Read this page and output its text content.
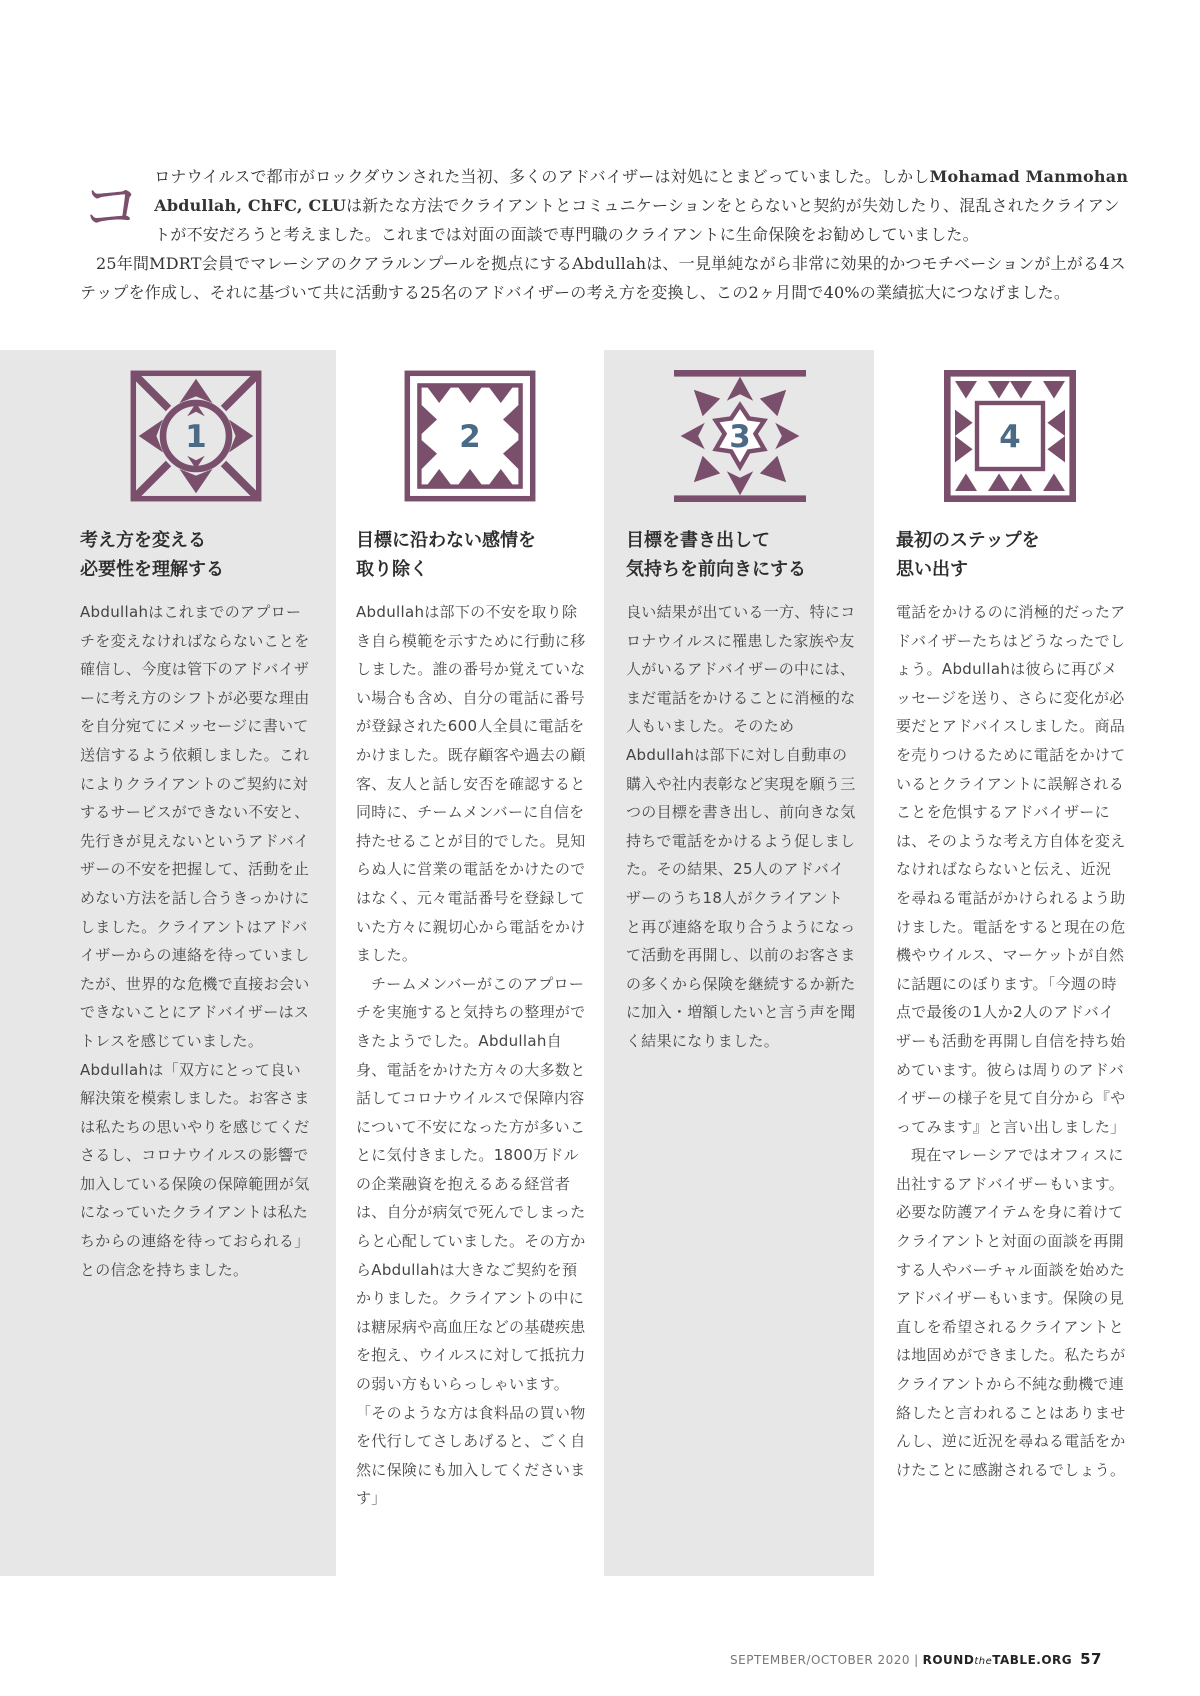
コ ロナウイルスで都市がロックダウンされた当初、多くのアドバイザーは対処にとまどっていました。しかしMohamad Manmohan Abdullah, ChFC, CLUは新たな方法でクライアントとコミュニケーションをとらないと契約が失効したり、混乱されたクライアントが不安だろうと考えました。これまでは対面の面談で専門職のクライアントに生命保険をお勧めしていました。

25年間MDRT会員でマレーシアのクアラルンプールを拠点にするAbdullahは、一見単純ながら非常に効果的かつモチベーションが上がる4ステップを作成し、それに基づいて共に活動する25名のアドバイザーの考え方を変換し、この2ヶ月間で40%の業績拡大につなげました。

1
考え方を変える
必要性を理解する

Abdullahはこれまでのアプローチを変えなければならないことを確信し、今度は管下のアドバイザーに考え方のシフトが必要な理由を自分宛てにメッセージに書いて送信するよう依頼しました。これによりクライアントのご契約に対するサービスができない不安と、先行きが見えないというアドバイザーの不安を把握して、活動を止めない方法を話し合うきっかけにしました。クライアントはアドバイザーからの連絡を待っていましたが、世界的な危機で直接お会いできないことにアドバイザーはストレスを感じていました。Abdullahは「双方にとって良い解決策を模索しました。お客さまは私たちの思いやりを感じてくださるし、コロナウイルスの影響で加入している保険の保障範囲が気になっていたクライアントは私たちからの連絡を待っておられる」との信念を持ちました。

2
目標に沿わない感情を
取り除く

Abdullahは部下の不安を取り除き自ら模範を示すために行動に移しました。誰の番号か覚えていない場合も含め、自分の電話に番号が登録された600人全員に電話をかけました。既存顧客や過去の顧客、友人と話し安否を確認すると同時に、チームメンバーに自信を持たせることが目的でした。見知らぬ人に営業の電話をかけたのではなく、元々電話番号を登録していた方々に親切心から電話をかけました。

チームメンバーがこのアプローチを実施すると気持ちの整理ができたようでした。Abdullah自身、電話をかけた方々の大多数と話してコロナウイルスで保障内容について不安になった方が多いことに気付きました。1800万ドルの企業融資を抱えるある経営者は、自分が病気で死んでしまったらと心配していました。その方からAbdullahは大きなご契約を預かりました。クライアントの中には糖尿病や高血圧などの基礎疾患を抱え、ウイルスに対して抵抗力の弱い方もいらっしゃいます。「そのような方は食料品の買い物を代行してさしあげると、ごく自然に保険にも加入してくださいます」

3
目標を書き出して
気持ちを前向きにする

良い結果が出ている一方、特にコロナウイルスに罹患した家族や友人がいるアドバイザーの中には、まだ電話をかけることに消極的な人もいました。そのためAbdullahは部下に対し自動車の購入や社内表彰など実現を願う三つの目標を書き出し、前向きな気持ちで電話をかけるよう促しました。その結果、25人のアドバイザーのうち18人がクライアントと再び連絡を取り合うようになって活動を再開し、以前のお客さまの多くから保険を継続するか新たに加入・増額したいと言う声を聞く結果になりました。

4
最初のステップを
思い出す

電話をかけるのに消極的だったアドバイザーたちはどうなったでしょう。Abdullahは彼らに再びメッセージを送り、さらに変化が必要だとアドバイスしました。商品を売りつけるために電話をかけているとクライアントに誤解されることを危惧するアドバイザーには、そのような考え方自体を変えなければならないと伝え、近況を尋ねる電話がかけられるよう助けました。電話をすると現在の危機やウイルス、マーケットが自然に話題にのぼります。「今週の時点で最後の1人か2人のアドバイザーも活動を再開し自信を持ち始めています。彼らは周りのアドバイザーの様子を見て自分から『やってみます』と言い出しました」

現在マレーシアではオフィスに出社するアドバイザーもいます。必要な防護アイテムを身に着けてクライアントと対面の面談を再開する人やバーチャル面談を始めたアドバイザーもいます。保険の見直しを希望されるクライアントとは地固めができました。私たちがクライアントから不純な動機で連絡したと言われることはありませんし、逆に近況を尋ねる電話をかけたことに感謝されるでしょう。

SEPTEMBER/OCTOBER 2020 | ROUNDtheTABLE.ORG 57
